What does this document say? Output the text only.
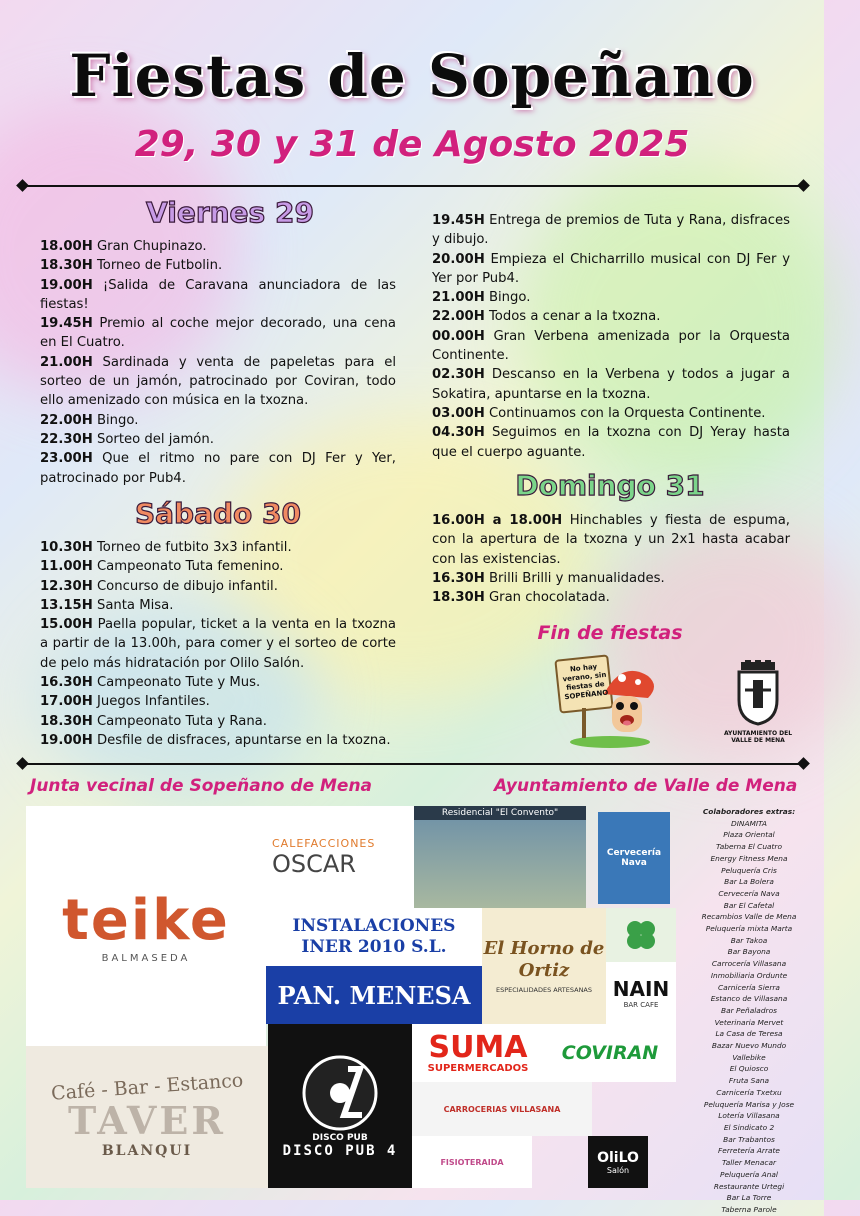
Fiestas de Sopeñano
29, 30 y 31 de Agosto 2025
Viernes 29
18.00H Gran Chupinazo.
18.30H Torneo de Futbolin.
19.00H ¡Salida de Caravana anunciadora de las fiestas!
19.45H Premio al coche mejor decorado, una cena en El Cuatro.
21.00H Sardinada y venta de papeletas para el sorteo de un jamón, patrocinado por Coviran, todo ello amenizado con música en la txozna.
22.00H Bingo.
22.30H Sorteo del jamón.
23.00H Que el ritmo no pare con DJ Fer y Yer, patrocinado por Pub4.
Sábado 30
10.30H Torneo de futbito 3x3 infantil.
11.00H Campeonato Tuta femenino.
12.30H Concurso de dibujo infantil.
13.15H Santa Misa.
15.00H Paella popular, ticket a la venta en la txozna a partir de la 13.00h, para comer y el sorteo de corte de pelo más hidratación por Olilo Salón.
16.30H Campeonato Tute y Mus.
17.00H Juegos Infantiles.
18.30H Campeonato Tuta y Rana.
19.00H Desfile de disfraces, apuntarse en la txozna.
19.45H Entrega de premios de Tuta y Rana, disfraces y dibujo.
20.00H Empieza el Chicharrillo musical con DJ Fer y Yer por Pub4.
21.00H Bingo.
22.00H Todos a cenar a la txozna.
00.00H Gran Verbena amenizada por la Orquesta Continente.
02.30H Descanso en la Verbena y todos a jugar a Sokatira, apuntarse en la txozna.
03.00H Continuamos con la Orquesta Continente.
04.30H Seguimos en la txozna con DJ Yeray hasta que el cuerpo aguante.
Domingo 31
16.00H a 18.00H Hinchables y fiesta de espuma, con la apertura de la txozna y un 2x1 hasta acabar con las existencias.
16.30H Brilli Brilli y manualidades.
18.30H Gran chocolatada.
Fin de fiestas
No hay verano, sin fiestas de SOPEÑANO
AYUNTAMIENTO DEL VALLE DE MENA
Junta vecinal de Sopeñano de Mena	Ayuntamiento de Valle de Mena
teike
BALMASEDA
CALEFACCIONES
OSCAR
Residencial "El Convento"
Cervecería Nava
INSTALACIONES INER 2010 S.L.
PAN. MENESA
El Horno de Ortiz
ESPECIALIDADES ARTESANAS NAIN
BAR CAFE
Café - Bar - Estanco
TAVER
BLANQUI
DISCO PUB
DISCO PUB 4
SUMA
SUPERMERCADOS
COVIRAN
CARROCERIAS VILLASANA
FISIOTERAIDA	OliLO
Salón
Colaboradores extras:
DINAMITA
Plaza Oriental
Taberna El Cuatro
Energy Fitness Mena
Peluquería Cris
Bar La Bolera
Cervecería Nava
Bar El Cafetal
Recambios Valle de Mena
Peluquería mixta Marta
Bar Takoa
Bar Bayona
Carrocería Villasana
Inmobiliaria Ordunte
Carnicería Sierra
Estanco de Villasana
Bar Peñaladros
Veterinaria Mervet
La Casa de Teresa
Bazar Nuevo Mundo
Vallebike
El Quiosco
Fruta Sana
Carnicería Txetxu
Peluquería Marisa y Jose
Lotería Villasana
El Sindicato 2
Bar Trabantos
Ferretería Arrate
Taller Menacar
Peluquería Anal
Restaurante Urtegi
Bar La Torre
Taberna Parole
